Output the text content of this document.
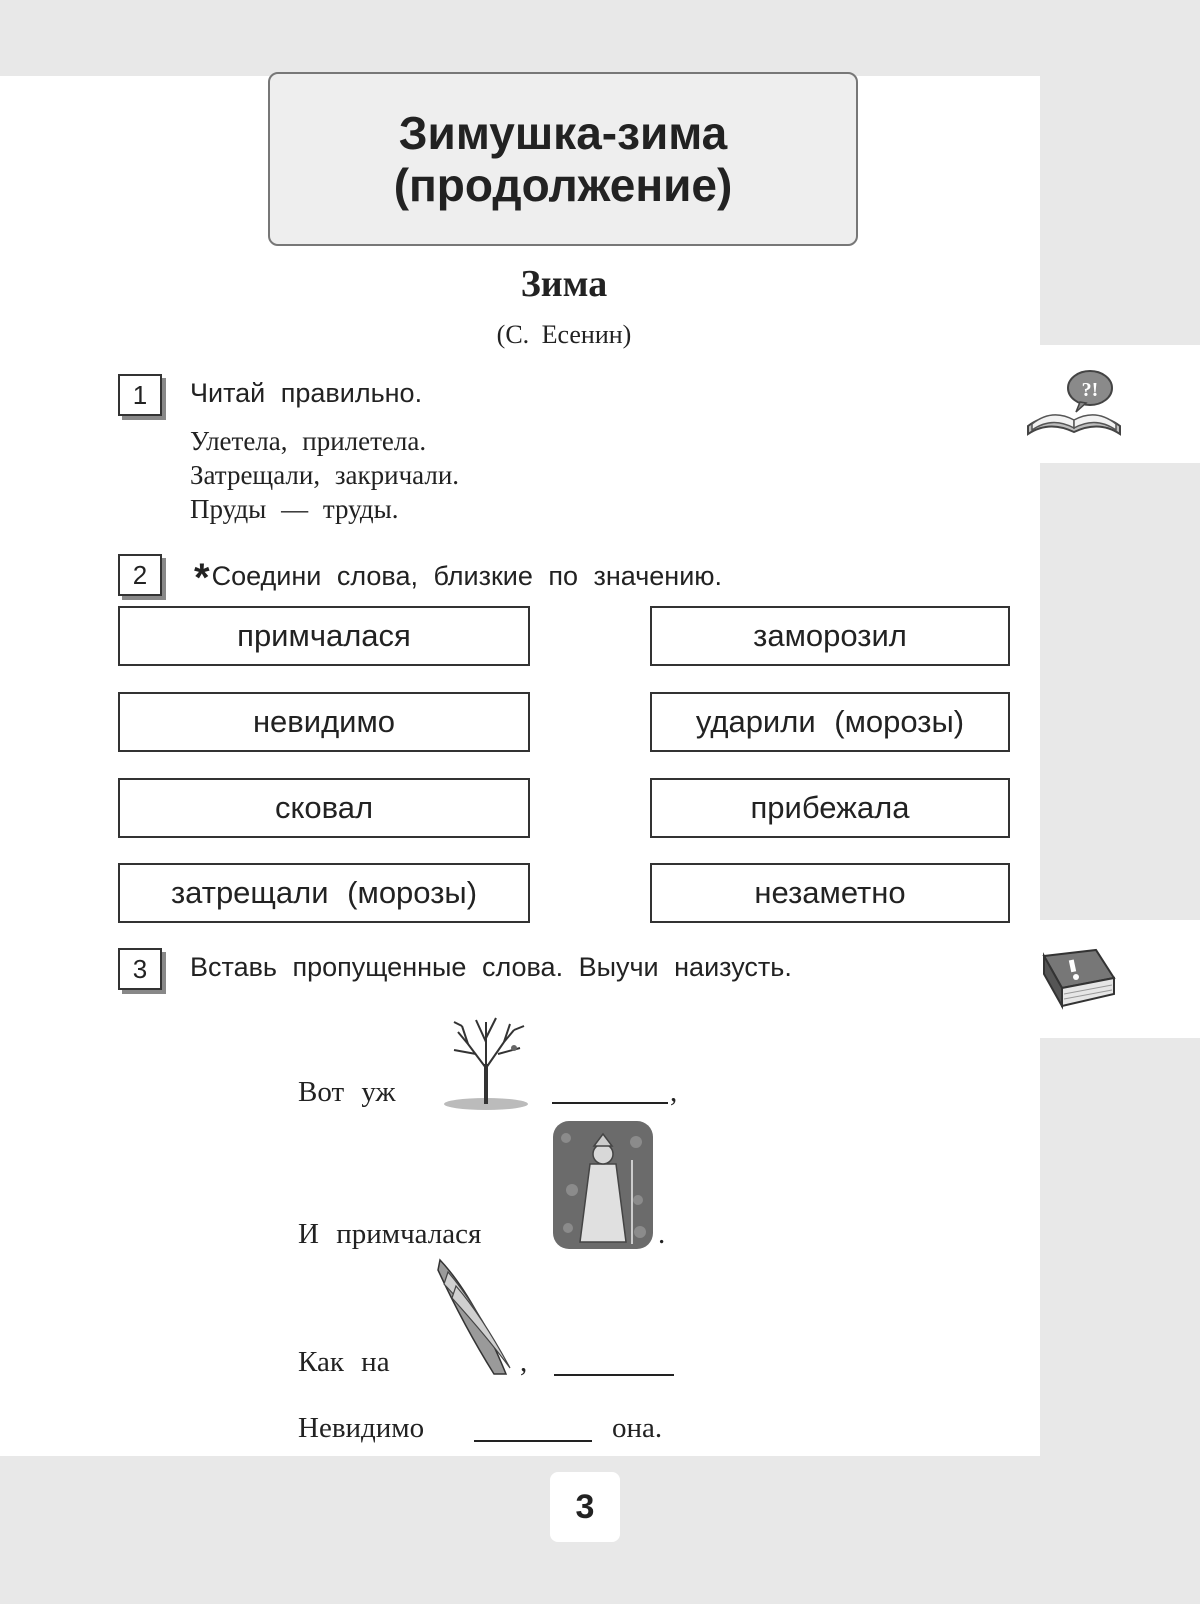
?!
Зимушка-зима
(продолжение)
Зима
(С. Есенин)
1	Читай правильно.
Улетела, прилетела.
Затрещали, закричали.
Пруды — труды.
2	*Соедини слова, близкие по значению.
примчалася
невидимо
сковал
затрещали (морозы)
заморозил
ударили (морозы)
прибежала
незаметно
3	Вставь пропущенные слова. Выучи наизусть.
Вот уж	,
И примчалася	.
Как на	,
Невидимо	она.
3
